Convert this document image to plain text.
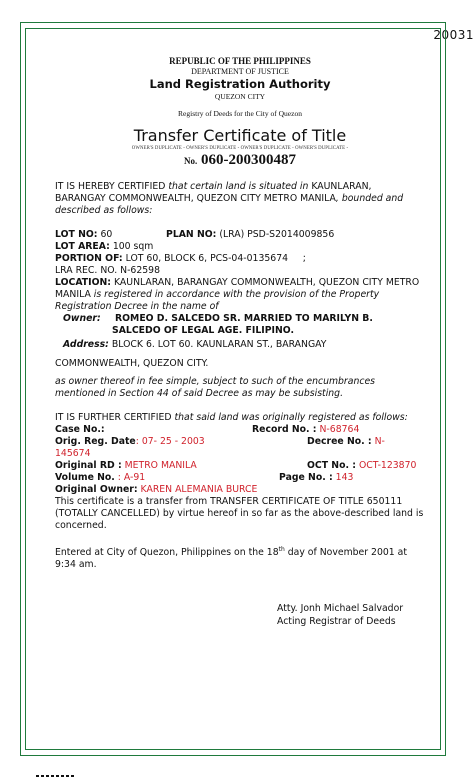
20031
REPUBLIC OF THE PHILIPPINES
DEPARTMENT OF JUSTICE
Land Registration Authority
QUEZON CITY
Registry of Deeds for the City of Quezon
Transfer Certificate of Title
OWNER'S DUPLICATE - OWNER'S DUPLICATE - OWNER'S DUPLICATE - OWNER'S DUPLICATE -
No. 060-200300487

IT IS HEREBY CERTIFIED that certain land is situated in KAUNLARAN, BARANGAY COMMONWEALTH, QUEZON CITY METRO MANILA, bounded and described as follows:

LOT NO: 60	PLAN NO: (LRA) PSD-S2014009856
LOT AREA: 100 sqm
PORTION OF: LOT 60, BLOCK 6, PCS-04-0135674     ;
LRA REC. NO. N-62598

LOCATION: KAUNLARAN, BARANGAY COMMONWEALTH, QUEZON CITY METRO MANILA is registered in accordance with the provision of the Property Registration Decree in the name of

Owner:	ROMEO D. SALCEDO SR. MARRIED TO MARILYN B.
SALCEDO OF LEGAL AGE. FILIPINO.
Address: BLOCK 6. LOT 60. KAUNLARAN ST., BARANGAY
COMMONWEALTH, QUEZON CITY.

as owner thereof in fee simple, subject to such of the encumbrances mentioned in Section 44 of said Decree as may be subsisting.

IT IS FURTHER CERTIFIED that said land was originally registered as follows:

Case No.:	Record No. : N-68764
Orig. Reg. Date: 07- 25 - 2003	Decree No. : N-
145674
Original RD : METRO MANILA	OCT No. : OCT-123870
Volume No. : A-91	Page No. : 143
Original Owner: KAREN ALEMANIA BURCE

This certificate is a transfer from TRANSFER CERTIFICATE OF TITLE 650111 (TOTALLY CANCELLED) by virtue hereof in so far as the above-described land is concerned.

Entered at City of Quezon, Philippines on the 18th day of November 2001 at 9:34 am.

Atty. Jonh Michael Salvador
Acting Registrar of Deeds
